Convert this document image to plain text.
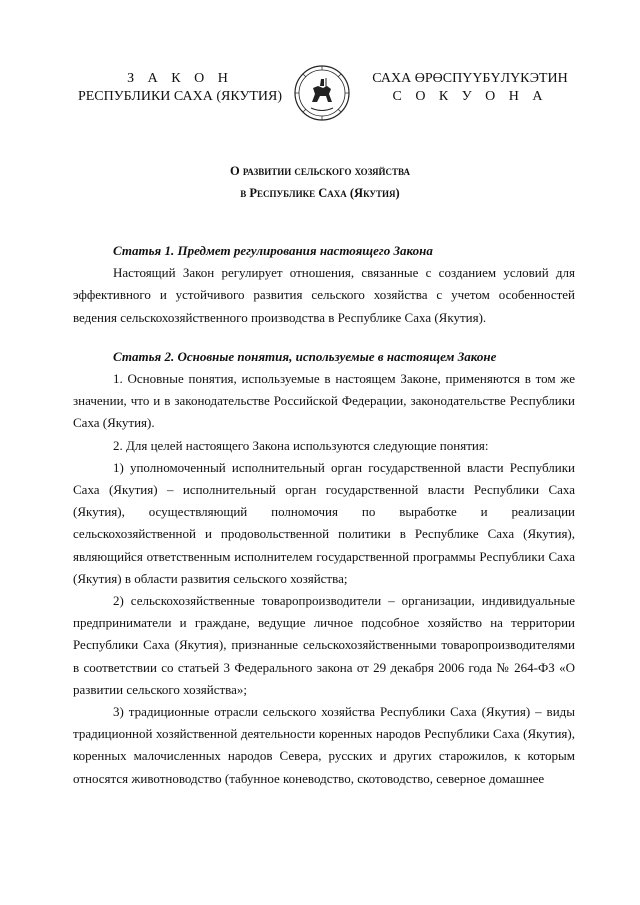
З А К О Н
РЕСПУБЛИКИ САХА (ЯКУТИЯ)
САХА ӨРӨСПҮҮБҮЛҮКЭТИН
С О К У О Н А
О развитии сельского хозяйства
в Республике Саха (Якутия)

Статья 1. Предмет регулирования настоящего Закона

Настоящий Закон регулирует отношения, связанные с созданием условий для эффективного и устойчивого развития сельского хозяйства с учетом особенностей ведения сельскохозяйственного производства в Республике Саха (Якутия).

Статья 2. Основные понятия, используемые в настоящем Законе

1. Основные понятия, используемые в настоящем Законе, применяются в том же значении, что и в законодательстве Российской Федерации, законодательстве Республики Саха (Якутия).

2. Для целей настоящего Закона используются следующие понятия:

1) уполномоченный исполнительный орган государственной власти Республики Саха (Якутия) – исполнительный орган государственной власти Республики Саха (Якутия), осуществляющий полномочия по выработке и реализации сельскохозяйственной и продовольственной политики в Республике Саха (Якутия), являющийся ответственным исполнителем государственной программы Республики Саха (Якутия) в области развития сельского хозяйства;

2) сельскохозяйственные товаропроизводители – организации, индивидуальные предприниматели и граждане, ведущие личное подсобное хозяйство на территории Республики Саха (Якутия), признанные сельскохозяйственными товаропроизводителями в соответствии со статьей 3 Федерального закона от 29 декабря 2006 года № 264-ФЗ «О развитии сельского хозяйства»;

3) традиционные отрасли сельского хозяйства Республики Саха (Якутия) – виды традиционной хозяйственной деятельности коренных народов Республики Саха (Якутия), коренных малочисленных народов Севера, русских и других старожилов, к которым относятся животноводство (табунное коневодство, скотоводство, северное домашнее
